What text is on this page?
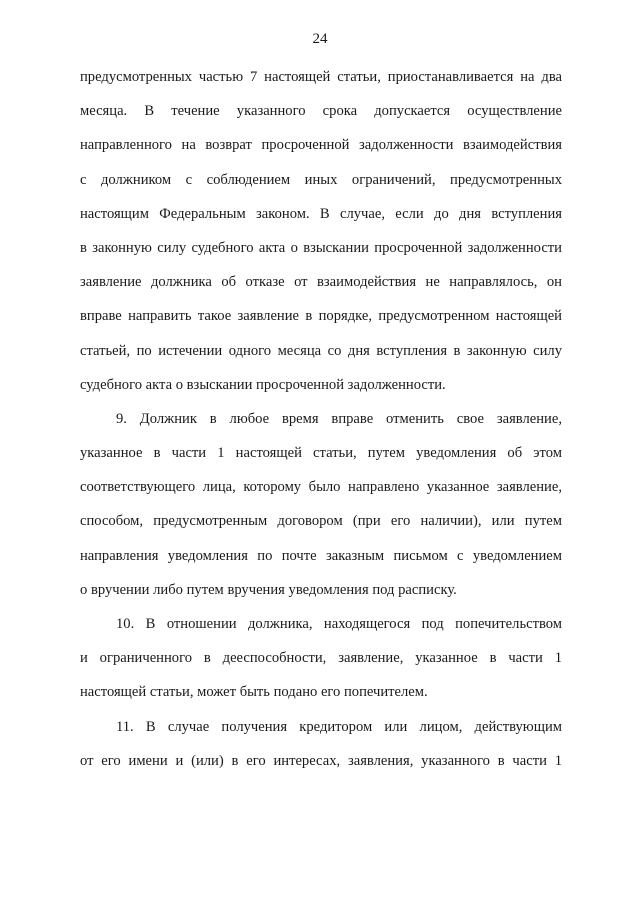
24
предусмотренных частью 7 настоящей статьи, приостанавливается на два
месяца. В течение указанного срока допускается осуществление
направленного на возврат просроченной задолженности взаимодействия
с должником с соблюдением иных ограничений, предусмотренных
настоящим Федеральным законом. В случае, если до дня вступления
в законную силу судебного акта о взыскании просроченной задолженности
заявление должника об отказе от взаимодействия не направлялось, он
вправе направить такое заявление в порядке, предусмотренном настоящей
статьей, по истечении одного месяца со дня вступления в законную силу
судебного акта о взыскании просроченной задолженности.
9. Должник в любое время вправе отменить свое заявление,
указанное в части 1 настоящей статьи, путем уведомления об этом
соответствующего лица, которому было направлено указанное заявление,
способом, предусмотренным договором (при его наличии), или путем
направления уведомления по почте заказным письмом с уведомлением
о вручении либо путем вручения уведомления под расписку.
10. В отношении должника, находящегося под попечительством
и ограниченного в дееспособности, заявление, указанное в части 1
настоящей статьи, может быть подано его попечителем.
11. В случае получения кредитором или лицом, действующим
от его имени и (или) в его интересах, заявления, указанного в части 1
